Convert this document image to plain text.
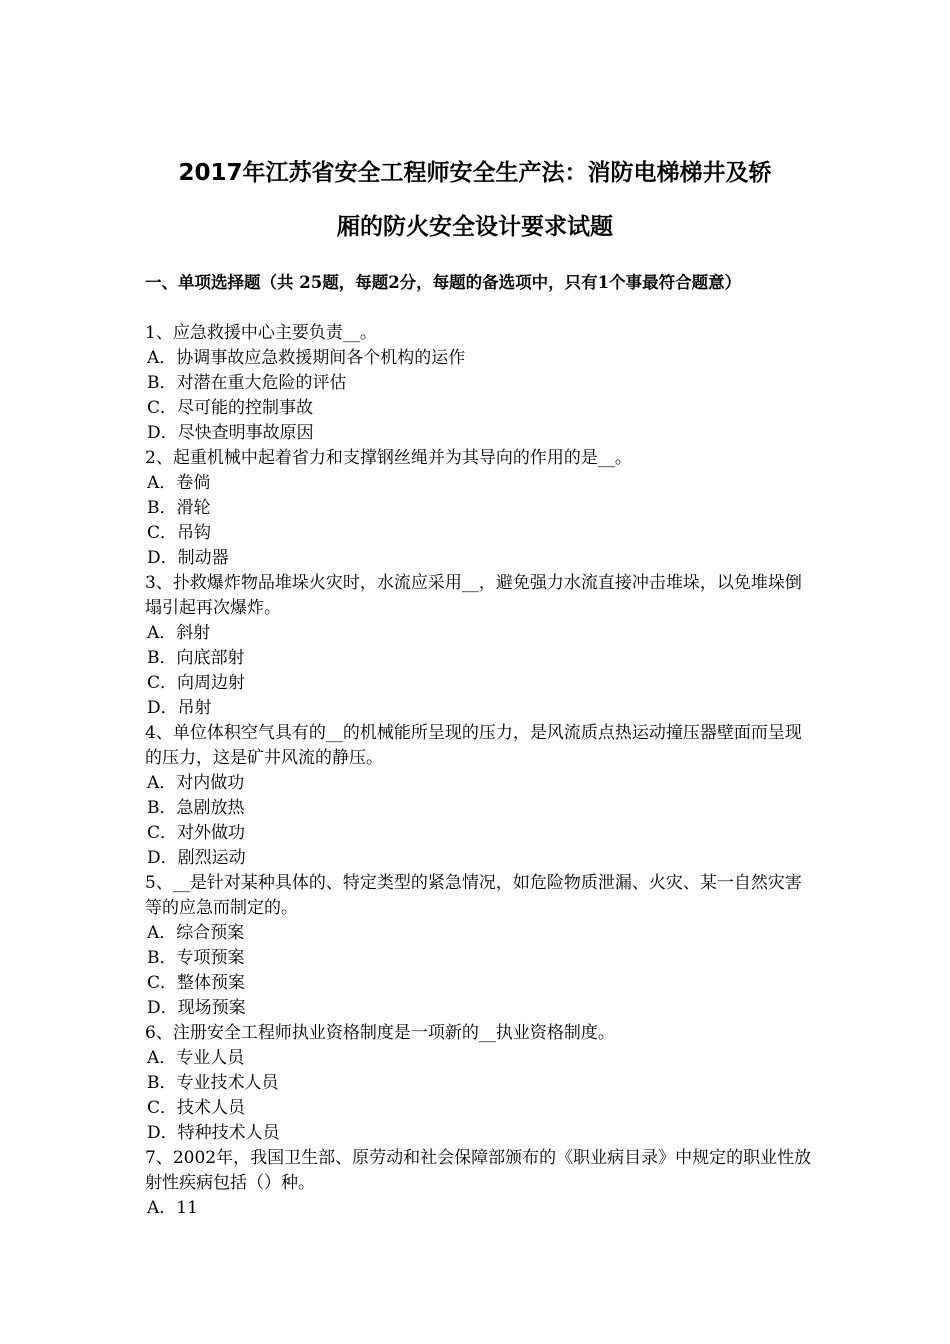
2017年江苏省安全工程师安全生产法：消防电梯梯井及轿
厢的防火安全设计要求试题
一、单项选择题（共 25题，每题2分，每题的备选项中，只有1个事最符合题意）

1、应急救援中心主要负责__。

A．协调事故应急救援期间各个机构的运作

B．对潜在重大危险的评估

C．尽可能的控制事故

D．尽快查明事故原因

2、起重机械中起着省力和支撑钢丝绳并为其导向的作用的是__。

A．卷倘

B．滑轮

C．吊钩

D．制动器

3、扑救爆炸物品堆垛火灾时，水流应采用__，避免强力水流直接冲击堆垛，以免堆垛倒塌引起再次爆炸。

A．斜射

B．向底部射

C．向周边射

D．吊射

4、单位体积空气具有的__的机械能所呈现的压力，是风流质点热运动撞压器壁面而呈现的压力，这是矿井风流的静压。

A．对内做功

B．急剧放热

C．对外做功

D．剧烈运动

5、__是针对某种具体的、特定类型的紧急情况，如危险物质泄漏、火灾、某一自然灾害等的应急而制定的。

A．综合预案

B．专项预案

C．整体预案

D．现场预案

6、注册安全工程师执业资格制度是一项新的__执业资格制度。

A．专业人员

B．专业技术人员

C．技术人员

D．特种技术人员

7、2002年，我国卫生部、原劳动和社会保障部颁布的《职业病目录》中规定的职业性放射性疾病包括（）种。

A．11
